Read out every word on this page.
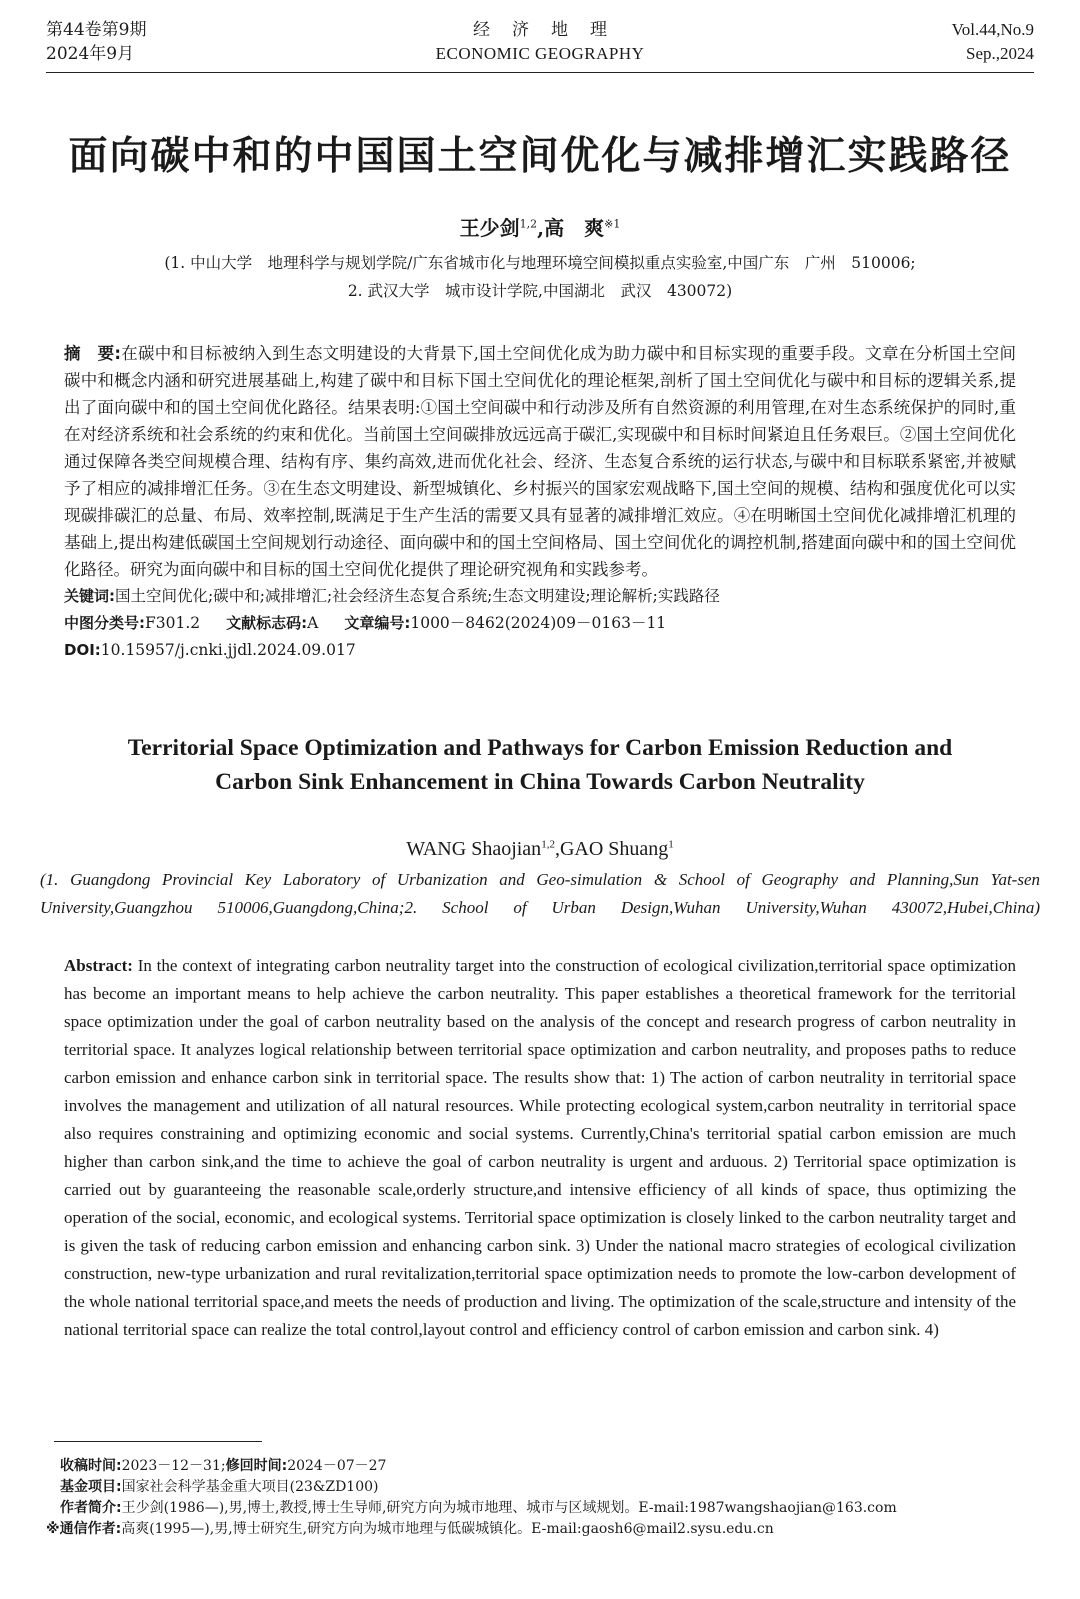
第44卷第9期
2024年9月
经济地理
ECONOMIC GEOGRAPHY
Vol.44,No.9
Sep.,2024
面向碳中和的中国国土空间优化与减排增汇实践路径
王少剑$^{1,2}$,高　爽$^{※1}$
(1. 中山大学　地理科学与规划学院/广东省城市化与地理环境空间模拟重点实验室,中国广东　广州　510006;
2. 武汉大学　城市设计学院,中国湖北　武汉　430072)
摘　要:在碳中和目标被纳入到生态文明建设的大背景下,国土空间优化成为助力碳中和目标实现的重要手段。文章在分析国土空间碳中和概念内涵和研究进展基础上,构建了碳中和目标下国土空间优化的理论框架,剖析了国土空间优化与碳中和目标的逻辑关系,提出了面向碳中和的国土空间优化路径。结果表明:①国土空间碳中和行动涉及所有自然资源的利用管理,在对生态系统保护的同时,重在对经济系统和社会系统的约束和优化。当前国土空间碳排放远远高于碳汇,实现碳中和目标时间紧迫且任务艰巨。②国土空间优化通过保障各类空间规模合理、结构有序、集约高效,进而优化社会、经济、生态复合系统的运行状态,与碳中和目标联系紧密,并被赋予了相应的减排增汇任务。③在生态文明建设、新型城镇化、乡村振兴的国家宏观战略下,国土空间的规模、结构和强度优化可以实现碳排碳汇的总量、布局、效率控制,既满足于生产生活的需要又具有显著的减排增汇效应。④在明晰国土空间优化减排增汇机理的基础上,提出构建低碳国土空间规划行动途径、面向碳中和的国土空间格局、国土空间优化的调控机制,搭建面向碳中和的国土空间优化路径。研究为面向碳中和目标的国土空间优化提供了理论研究视角和实践参考。
关键词:国土空间优化;碳中和;减排增汇;社会经济生态复合系统;生态文明建设;理论解析;实践路径
中图分类号:F301.2 文献标志码:A 文章编号:1000－8462(2024)09－0163－11
DOI:10.15957/j.cnki.jjdl.2024.09.017
Territorial Space Optimization and Pathways for Carbon Emission Reduction and
Carbon Sink Enhancement in China Towards Carbon Neutrality
WANG Shaojian$^{1,2}$,GAO Shuang$^1$
(1. Guangdong Provincial Key Laboratory of Urbanization and Geo-simulation & School of Geography and Planning,Sun Yat-sen University,Guangzhou 510006,Guangdong,China;2. School of Urban Design,Wuhan University,Wuhan 430072,Hubei,China)
Abstract: In the context of integrating carbon neutrality target into the construction of ecological civilization,territorial space optimization has become an important means to help achieve the carbon neutrality. This paper establishes a theoretical framework for the territorial space optimization under the goal of carbon neutrality based on the analysis of the concept and research progress of carbon neutrality in territorial space. It analyzes logical relationship between territorial space optimization and carbon neutrality, and proposes paths to reduce carbon emission and enhance carbon sink in territorial space. The results show that: 1) The action of carbon neutrality in territorial space involves the management and utilization of all natural resources. While protecting ecological system,carbon neutrality in territorial space also requires constraining and optimizing economic and social systems. Currently,China's territorial spatial carbon emission are much higher than carbon sink,and the time to achieve the goal of carbon neutrality is urgent and arduous. 2) Territorial space optimization is carried out by guaranteeing the reasonable scale,orderly structure,and intensive efficiency of all kinds of space, thus optimizing the operation of the social, economic, and ecological systems. Territorial space optimization is closely linked to the carbon neutrality target and is given the task of reducing carbon emission and enhancing carbon sink. 3) Under the national macro strategies of ecological civilization construction, new-type urbanization and rural revitalization,territorial space optimization needs to promote the low-carbon development of the whole national territorial space,and meets the needs of production and living. The optimization of the scale,structure and intensity of the national territorial space can realize the total control,layout control and efficiency control of carbon emission and carbon sink. 4)
收稿时间:2023－12－31;修回时间:2024－07－27
基金项目:国家社会科学基金重大项目(23&ZD100)
作者简介:王少剑(1986—),男,博士,教授,博士生导师,研究方向为城市地理、城市与区域规划。E-mail:1987wangshaojian@163.com
※通信作者:高爽(1995—),男,博士研究生,研究方向为城市地理与低碳城镇化。E-mail:gaosh6@mail2.sysu.edu.cn
